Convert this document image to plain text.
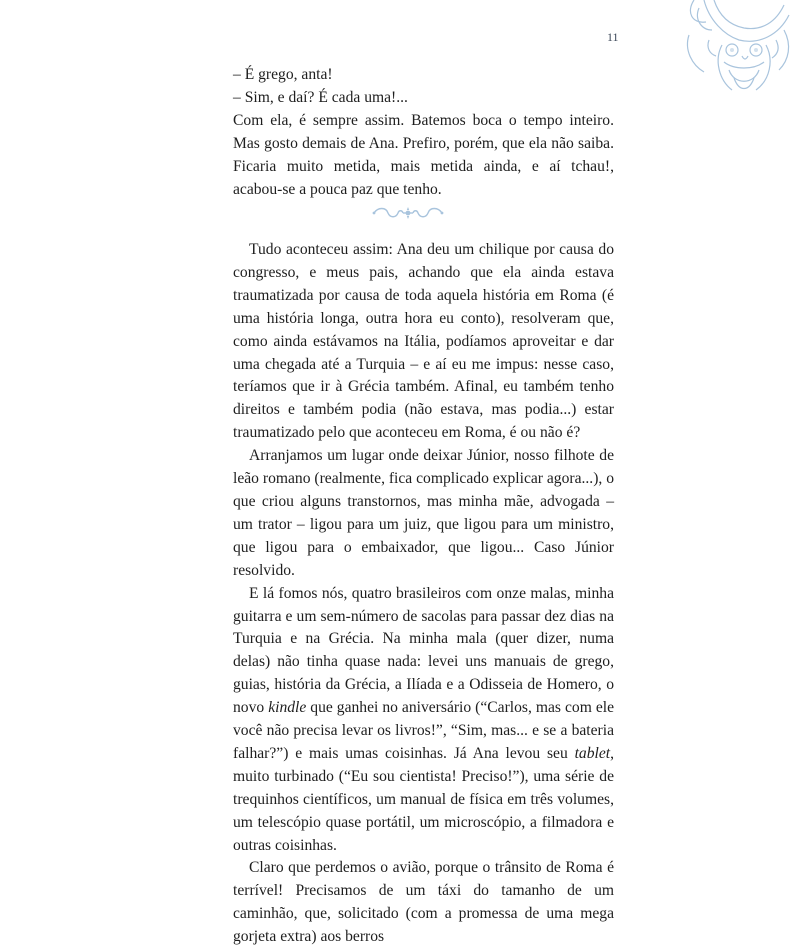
11

– É grego, anta!

– Sim, e daí? É cada uma!...

Com ela, é sempre assim. Batemos boca o tempo inteiro. Mas gosto demais de Ana. Prefiro, porém, que ela não saiba. Ficaria muito metida, mais metida ainda, e aí tchau!, acabou-se a pouca paz que tenho.

Tudo aconteceu assim: Ana deu um chilique por causa do congresso, e meus pais, achando que ela ainda estava traumatizada por causa de toda aquela história em Roma (é uma história longa, outra hora eu conto), resolveram que, como ainda estávamos na Itália, podíamos aproveitar e dar uma chegada até a Turquia – e aí eu me impus: nesse caso, teríamos que ir à Grécia também. Afinal, eu também tenho direitos e também podia (não estava, mas podia...) estar traumatizado pelo que aconteceu em Roma, é ou não é?

Arranjamos um lugar onde deixar Júnior, nosso filhote de leão romano (realmente, fica complicado explicar agora...), o que criou alguns transtornos, mas minha mãe, advogada – um trator – ligou para um juiz, que ligou para um ministro, que ligou para o embaixador, que ligou... Caso Júnior resolvido.

E lá fomos nós, quatro brasileiros com onze malas, minha guitarra e um sem-número de sacolas para passar dez dias na Turquia e na Grécia. Na minha mala (quer dizer, numa delas) não tinha quase nada: levei uns manuais de grego, guias, história da Grécia, a Ilíada e a Odisseia de Homero, o novo kindle que ganhei no aniversário (“Carlos, mas com ele você não precisa levar os livros!”, “Sim, mas... e se a bateria falhar?”) e mais umas coisinhas. Já Ana levou seu tablet, muito turbinado (“Eu sou cientista! Preciso!”), uma série de trequinhos científicos, um manual de física em três volumes, um telescópio quase portátil, um microscópio, a filmadora e outras coisinhas.

Claro que perdemos o avião, porque o trânsito de Roma é terrível! Precisamos de um táxi do tamanho de um caminhão, que, solicitado (com a promessa de uma mega gorjeta extra) aos berros
